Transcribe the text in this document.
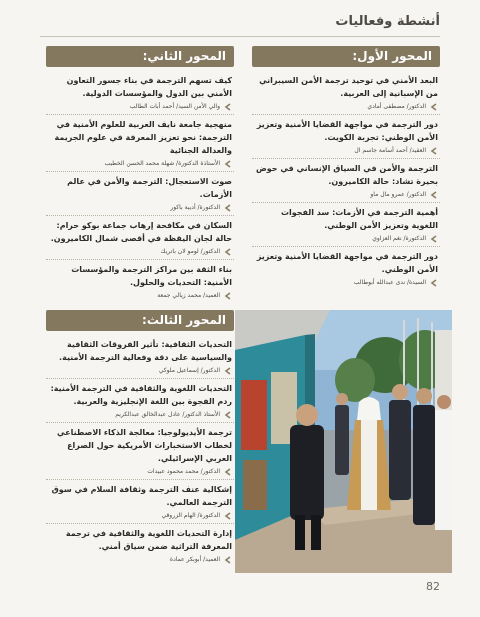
أنشطة وفعاليات
المحور الأول:
البعد الأمني في توحيد ترجمة الأمن السيبراني من الإسبانية إلى العربية.
الدكتور/ مصطفى أمادي
دور الترجمة في مواجهة القضايا الأمنية وتعزيز الأمن الوطني: تجربة الكويت.
العقيد/ أحمد أسامة جاسم ال
الترجمة والأمن في السياق الإنساني في حوض بحيرة تشاد: حالة الكاميرون.
الدكتور/ عمرو مال ماو
أهمية الترجمة في الأزمات: سد الفجوات اللغوية وتعزيز الأمن الوطني.
الدكتورة/ نغم العزاوي
دور الترجمة في مواجهة القضايا الأمنية وتعزيز الأمن الوطني.
السيدة/ ندى عبدالله أبوطالب
المحور الثاني:
كيف تسهم الترجمة في بناء جسور التعاون الأمني بين الدول والمؤسسات الدولية.
والي الأمن السيد/ أحمد أبات الطالب
منهجية جامعة نايف العربية للعلوم الأمنية في الترجمة: نحو تعزيز المعرفة في علوم الجريمة والعدالة الجنائية
الأستاذة الدكتورة/ شهلة محمد الحسن الخطيب
صوت الاستعجال: الترجمة والأمن في عالم الأزمات.
الدكتورة/ أديبة باكور
السكان في مكافحة إرهاب جماعة بوكو حرام: حالة لجان اليقظة في أقصى شمال الكاميرون.
الدكتور/ لومو لان باتريك
بناء الثقة بين مراكز الترجمة والمؤسسات الأمنية: التحديات والحلول.
العميد/ محمد زيالي جمعة
المحور الثالث:
التحديات الثقافية: تأثير الفروقات الثقافية والسياسية على دقة وفعالية الترجمة الأمنية.
الدكتور/ إسماعيل ملوكي
التحديات اللغوية والثقافية في الترجمة الأمنية: ردم الفجوة بين اللغة الإنجليزية والعربية.
الأستاذ الدكتور/ عادل عبدالخالق عبدالكريم
ترجمة الأيديولوجيا: معالجة الذكاء الاصطناعي لخطاب الاستخبارات الأمريكية حول الصراع العربي الإسرائيلي.
الدكتور/ محمد محمود عبيدات
إشكالية عنف الترجمة وثقافة السلام في سوق الترجمة العالمي.
الدكتورة/ الهام الزروقي
إدارة التحديات اللغوية والثقافية في ترجمة المعرفة التراثية ضمن سياق أمني.
العميد/ أبوبكر عمادة
82
